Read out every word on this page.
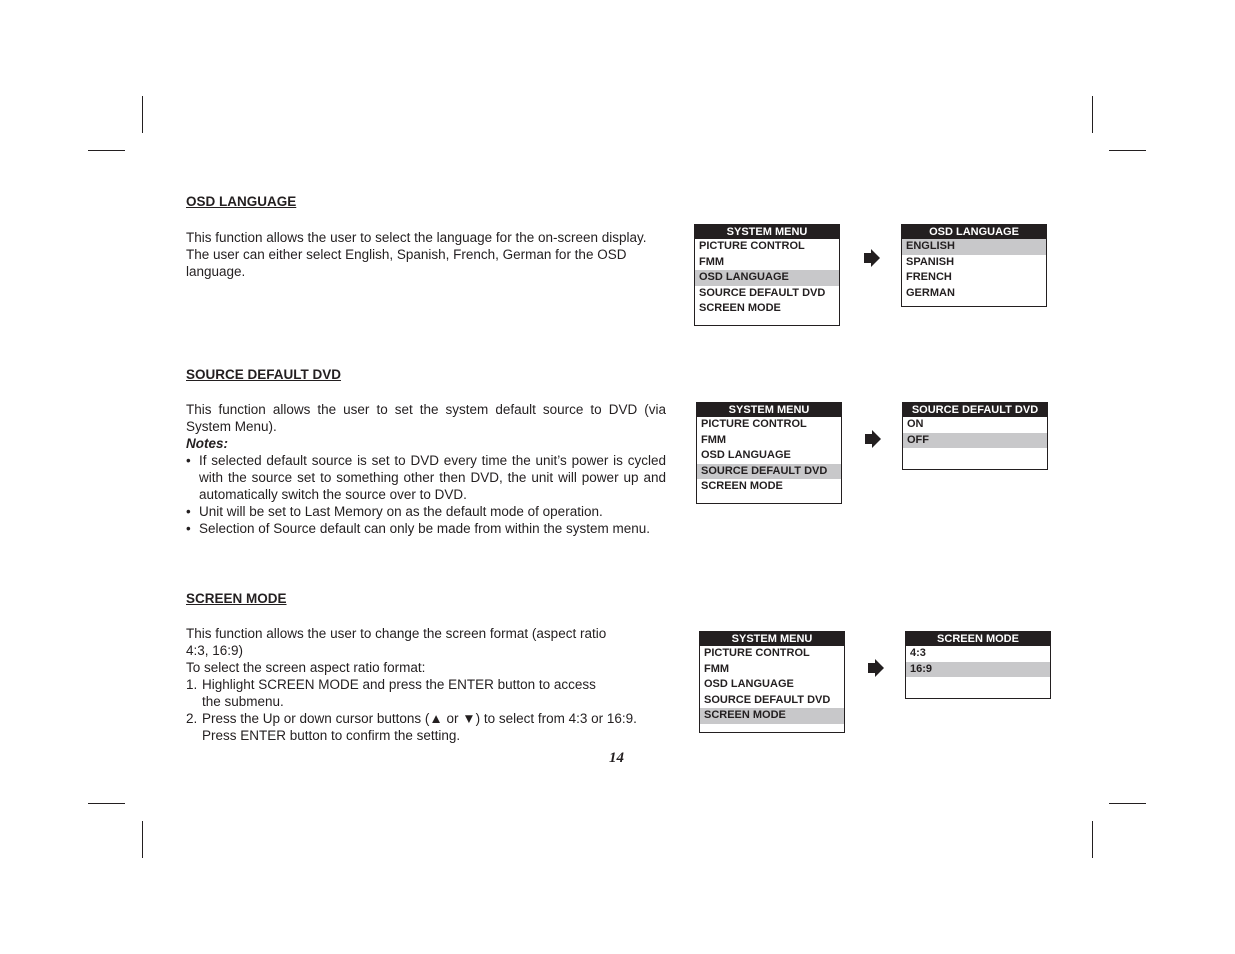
OSD LANGUAGE
This function allows the user to select the language for the on-screen display.
The user can either select English, Spanish, French, German for the OSD
language.
SYSTEM MENU
PICTURE CONTROL
FMM
OSD LANGUAGE
SOURCE DEFAULT DVD
SCREEN MODE
OSD LANGUAGE
ENGLISH
SPANISH
FRENCH
GERMAN
SOURCE DEFAULT DVD
This function allows the user to set the system default source to DVD (via System Menu).
Notes:
• If selected default source is set to DVD every time the unit’s power is cycled with the source set to something other then DVD, the unit will power up and automatically switch the source over to DVD.
• Unit will be set to Last Memory on as the default mode of operation.
• Selection of Source default can only be made from within the system menu.
SYSTEM MENU
PICTURE CONTROL
FMM
OSD LANGUAGE
SOURCE DEFAULT DVD
SCREEN MODE
SOURCE DEFAULT DVD
ON
OFF
SCREEN MODE
This function allows the user to change the screen format (aspect ratio
4:3, 16:9)
To select the screen aspect ratio format:
1. Highlight SCREEN MODE and press the ENTER button to access
the submenu.
2. Press the Up or down cursor buttons (▲ or ▼) to select from 4:3 or 16:9.
Press ENTER button to confirm the setting.
SYSTEM MENU
PICTURE CONTROL
FMM
OSD LANGUAGE
SOURCE DEFAULT DVD
SCREEN MODE
SCREEN MODE
4:3
16:9
14
